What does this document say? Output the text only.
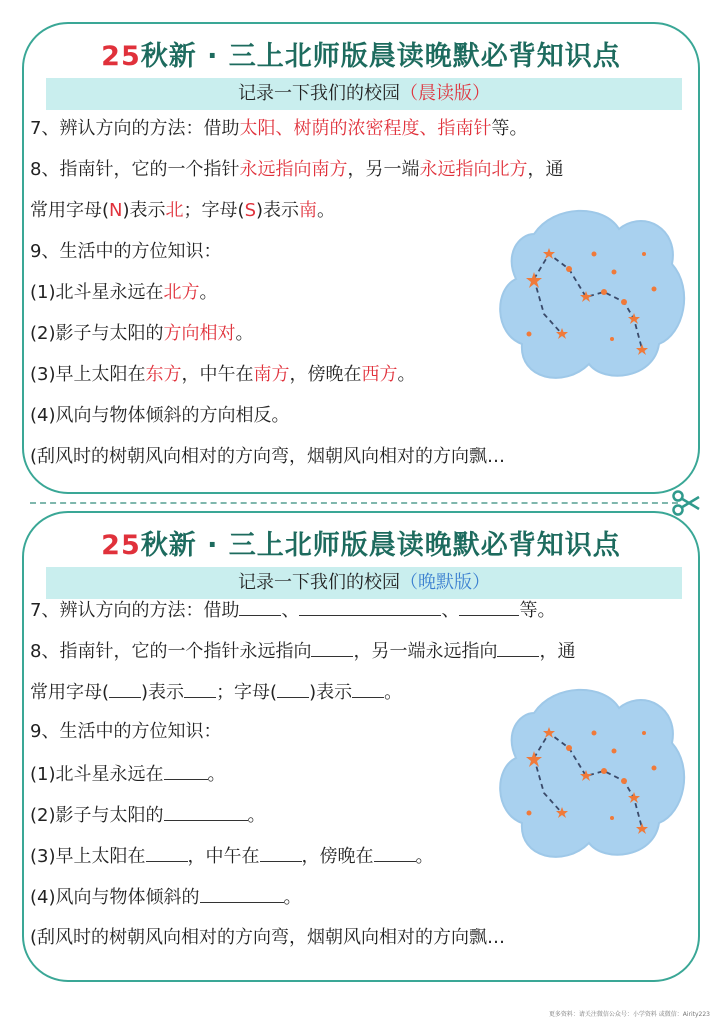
25秋新 · 三上北师版晨读晚默必背知识点
记录一下我们的校园（晨读版）
7、辨认方向的方法：借助太阳、树荫的浓密程度、指南针等。
8、指南针，它的一个指针永远指向南方，另一端永远指向北方，通
常用字母(N)表示北；字母(S)表示南。
9、生活中的方位知识：
(1)北斗星永远在北方。
(2)影子与太阳的方向相对。
(3)早上太阳在东方，中午在南方，傍晚在西方。
(4)风向与物体倾斜的方向相反。
(刮风时的树朝风向相对的方向弯，烟朝风向相对的方向飘…
25秋新 · 三上北师版晨读晚默必背知识点
记录一下我们的校园（晚默版）
7、辨认方向的方法：借助 、	、	等。
8、指南针，它的一个指针永远指向 ，另一端永远指向 ，通
常用字母( )表示 ；字母( )表示 。
9、生活中的方位知识：
(1)北斗星永远在 。
(2)影子与太阳的	。
(3)早上太阳在 ，中午在 ，傍晚在 。
(4)风向与物体倾斜的	。
(刮风时的树朝风向相对的方向弯，烟朝风向相对的方向飘…
更多资料：请关注微信公众号：小学资料 或微信：Airity223
